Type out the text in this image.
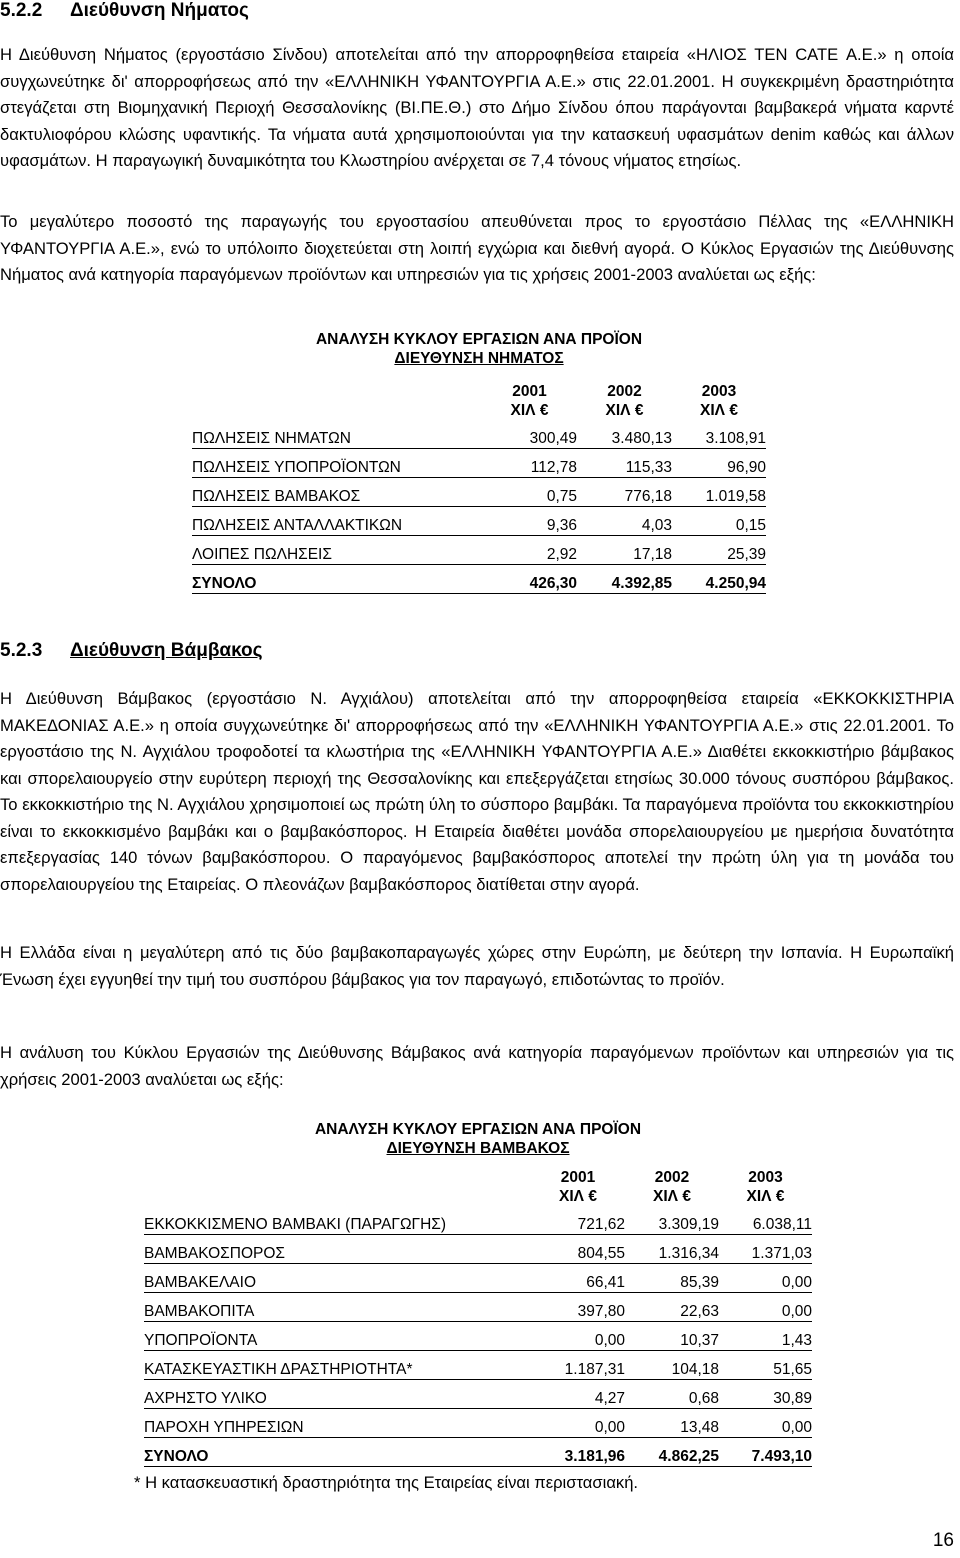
5.2.2 Διεύθυνση Νήματος

Η Διεύθυνση Νήματος (εργοστάσιο Σίνδου) αποτελείται από την απορροφηθείσα εταιρεία «ΗΛΙΟΣ ΤΕΝ CATE Α.Ε.» η οποία συγχωνεύτηκε δι' απορροφήσεως από την «ΕΛΛΗΝΙΚΗ ΥΦΑΝΤΟΥΡΓΙΑ Α.Ε.» στις 22.01.2001. Η συγκεκριμένη δραστηριότητα στεγάζεται στη Βιομηχανική Περιοχή Θεσσαλονίκης (ΒΙ.ΠΕ.Θ.) στο Δήμο Σίνδου όπου παράγονται βαμβακερά νήματα καρντέ δακτυλιοφόρου κλώσης υφαντικής. Τα νήματα αυτά χρησιμοποιούνται για την κατασκευή υφασμάτων denim καθώς και άλλων υφασμάτων. Η παραγωγική δυναμικότητα του Κλωστηρίου ανέρχεται σε 7,4 τόνους νήματος ετησίως.

Το μεγαλύτερο ποσοστό της παραγωγής του εργοστασίου απευθύνεται προς το εργοστάσιο Πέλλας της «ΕΛΛΗΝΙΚΗ ΥΦΑΝΤΟΥΡΓΙΑ Α.Ε.», ενώ το υπόλοιπο διοχετεύεται στη λοιπή εγχώρια και διεθνή αγορά. Ο Κύκλος Εργασιών της Διεύθυνσης Νήματος ανά κατηγορία παραγόμενων προϊόντων και υπηρεσιών για τις χρήσεις 2001-2003 αναλύεται ως εξής:

ΑΝΑΛΥΣΗ ΚΥΚΛΟΥ ΕΡΓΑΣΙΩΝ ΑΝΑ ΠΡΟΪΟΝ			
ΔΙΕΥΘΥΝΣΗ ΝΗΜΑΤΟΣ			
	2001	2002	2003
	ΧΙΛ €	ΧΙΛ €	ΧΙΛ €
ΠΩΛΗΣΕΙΣ ΝΗΜΑΤΩΝ	300,49	3.480,13	3.108,91
ΠΩΛΗΣΕΙΣ ΥΠΟΠΡΟΪΟΝΤΩΝ	112,78	115,33	96,90
ΠΩΛΗΣΕΙΣ ΒΑΜΒΑΚΟΣ	0,75	776,18	1.019,58
ΠΩΛΗΣΕΙΣ ΑΝΤΑΛΛΑΚΤΙΚΩΝ	9,36	4,03	0,15
ΛΟΙΠΕΣ ΠΩΛΗΣΕΙΣ	2,92	17,18	25,39
ΣΥΝΟΛΟ	426,30	4.392,85	4.250,94
5.2.3 Διεύθυνση Βάμβακος

Η Διεύθυνση Βάμβακος (εργοστάσιο Ν. Αγχιάλου) αποτελείται από την απορροφηθείσα εταιρεία «ΕΚΚΟΚΚΙΣΤΗΡΙΑ ΜΑΚΕΔΟΝΙΑΣ Α.Ε.» η οποία συγχωνεύτηκε δι' απορροφήσεως από την «ΕΛΛΗΝΙΚΗ ΥΦΑΝΤΟΥΡΓΙΑ Α.Ε.» στις 22.01.2001. Το εργοστάσιο της Ν. Αγχιάλου τροφοδοτεί τα κλωστήρια της «ΕΛΛΗΝΙΚΗ ΥΦΑΝΤΟΥΡΓΙΑ Α.Ε.» Διαθέτει εκκοκκιστήριο βάμβακος και σπορελαιουργείο στην ευρύτερη περιοχή της Θεσσαλονίκης και επεξεργάζεται ετησίως 30.000 τόνους συσπόρου βάμβακος. Το εκκοκκιστήριο της Ν. Αγχιάλου χρησιμοποιεί ως πρώτη ύλη το σύσπορο βαμβάκι. Τα παραγόμενα προϊόντα του εκκοκκιστηρίου είναι το εκκοκκισμένο βαμβάκι και ο βαμβακόσπορος. Η Εταιρεία διαθέτει μονάδα σπορελαιουργείου με ημερήσια δυνατότητα επεξεργασίας 140 τόνων βαμβακόσπορου. Ο παραγόμενος βαμβακόσπορος αποτελεί την πρώτη ύλη για τη μονάδα του σπορελαιουργείου της Εταιρείας. Ο πλεονάζων βαμβακόσπορος διατίθεται στην αγορά.

Η Ελλάδα είναι η μεγαλύτερη από τις δύο βαμβακοπαραγωγές χώρες στην Ευρώπη, με δεύτερη την Ισπανία. Η Ευρωπαϊκή Ένωση έχει εγγυηθεί την τιμή του συσπόρου βάμβακος για τον παραγωγό, επιδοτώντας το προϊόν.

Η ανάλυση του Κύκλου Εργασιών της Διεύθυνσης Βάμβακος ανά κατηγορία παραγόμενων προϊόντων και υπηρεσιών για τις χρήσεις 2001-2003 αναλύεται ως εξής:

ΑΝΑΛΥΣΗ ΚΥΚΛΟΥ ΕΡΓΑΣΙΩΝ ΑΝΑ ΠΡΟΪΟΝ			
ΔΙΕΥΘΥΝΣΗ ΒΑΜΒΑΚΟΣ			
	2001	2002	2003
	ΧΙΛ €	ΧΙΛ €	ΧΙΛ €
ΕΚΚΟΚΚΙΣΜΕΝΟ ΒΑΜΒΑΚΙ (ΠΑΡΑΓΩΓΗΣ)	721,62	3.309,19	6.038,11
ΒΑΜΒΑΚΟΣΠΟΡΟΣ	804,55	1.316,34	1.371,03
ΒΑΜΒΑΚΕΛΑΙΟ	66,41	85,39	0,00
ΒΑΜΒΑΚΟΠΙΤΑ	397,80	22,63	0,00
ΥΠΟΠΡΟΪΟΝΤΑ	0,00	10,37	1,43
ΚΑΤΑΣΚΕΥΑΣΤΙΚΗ ΔΡΑΣΤΗΡΙΟΤΗΤΑ*	1.187,31	104,18	51,65
ΑΧΡΗΣΤΟ ΥΛΙΚΟ	4,27	0,68	30,89
ΠΑΡΟΧΗ ΥΠΗΡΕΣΙΩΝ	0,00	13,48	0,00
ΣΥΝΟΛΟ	3.181,96	4.862,25	7.493,10
* Η κατασκευαστική δραστηριότητα της Εταιρείας είναι περιστασιακή.
16
